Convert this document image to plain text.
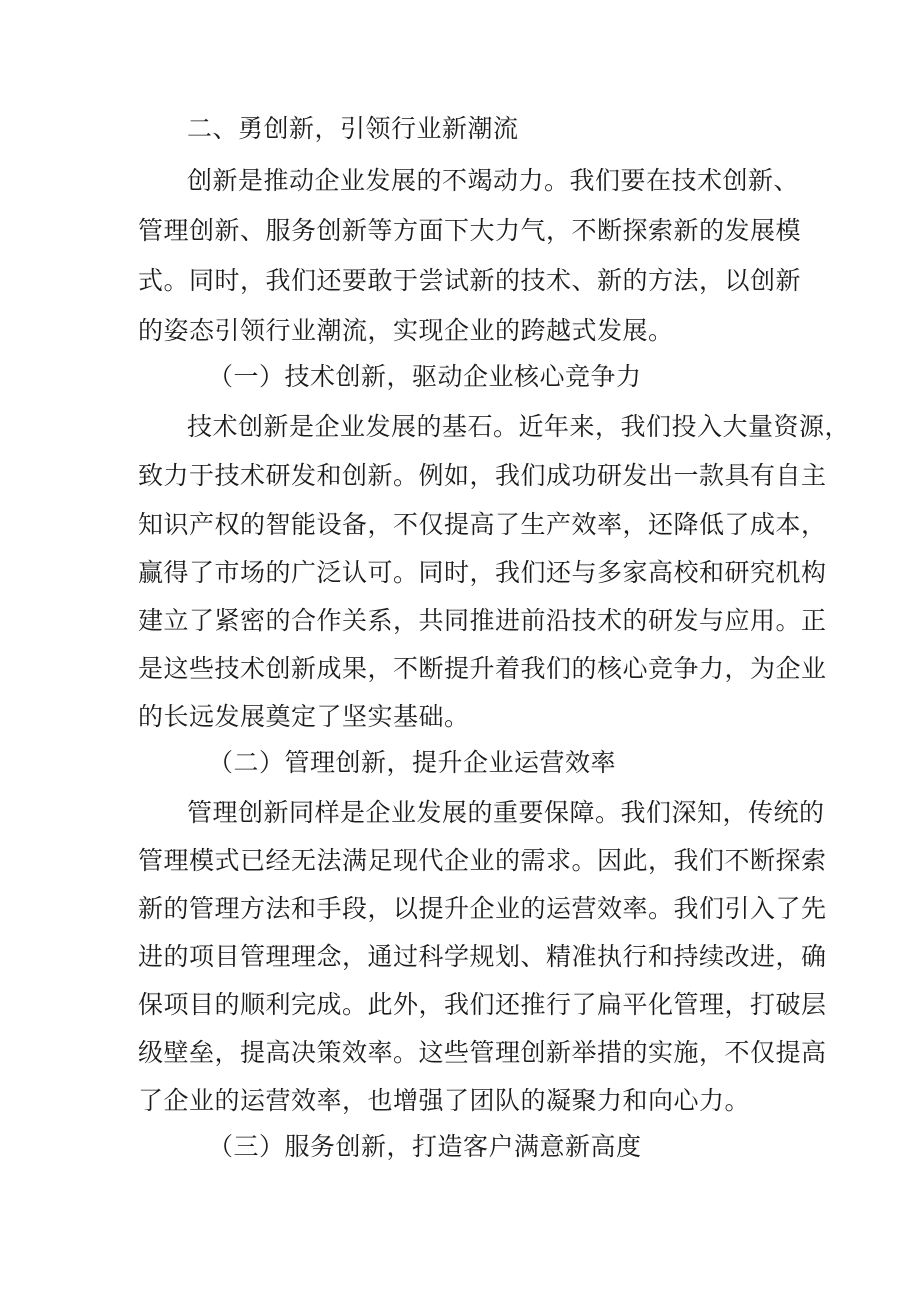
二、勇创新，引领行业新潮流

创新是推动企业发展的不竭动力。我们要在技术创新、

管理创新、服务创新等方面下大力气，不断探索新的发展模

式。同时，我们还要敢于尝试新的技术、新的方法，以创新

的姿态引领行业潮流，实现企业的跨越式发展。

（一）技术创新，驱动企业核心竞争力

技术创新是企业发展的基石。近年来，我们投入大量资源，

致力于技术研发和创新。例如，我们成功研发出一款具有自主

知识产权的智能设备，不仅提高了生产效率，还降低了成本，

赢得了市场的广泛认可。同时，我们还与多家高校和研究机构

建立了紧密的合作关系，共同推进前沿技术的研发与应用。正

是这些技术创新成果，不断提升着我们的核心竞争力，为企业

的长远发展奠定了坚实基础。

（二）管理创新，提升企业运营效率

管理创新同样是企业发展的重要保障。我们深知，传统的

管理模式已经无法满足现代企业的需求。因此，我们不断探索

新的管理方法和手段，以提升企业的运营效率。我们引入了先

进的项目管理理念，通过科学规划、精准执行和持续改进，确

保项目的顺利完成。此外，我们还推行了扁平化管理，打破层

级壁垒，提高决策效率。这些管理创新举措的实施，不仅提高

了企业的运营效率，也增强了团队的凝聚力和向心力。

（三）服务创新，打造客户满意新高度
